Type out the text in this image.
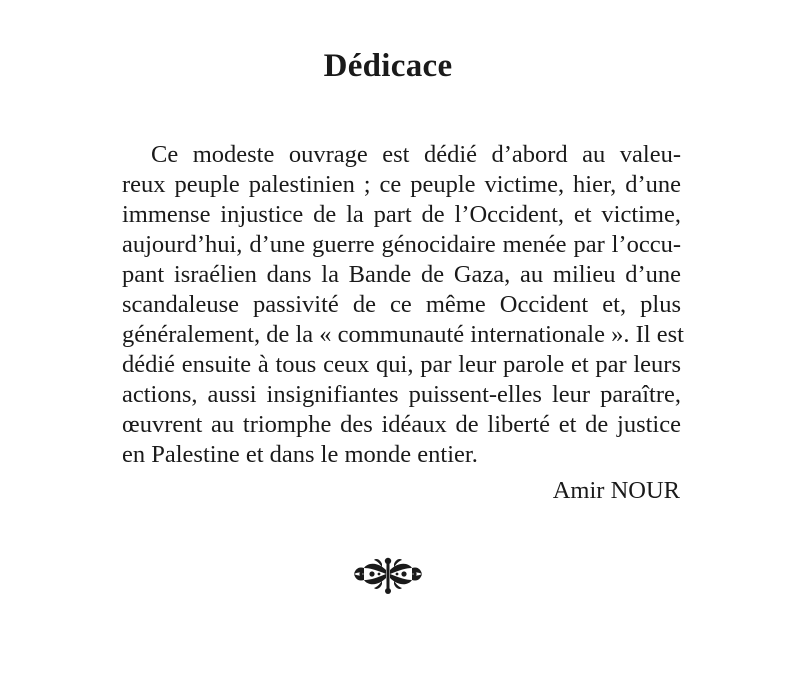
Dédicace
Ce modeste ouvrage est dédié d’abord au valeu-
reux peuple palestinien ; ce peuple victime, hier, d’une
immense injustice de la part de l’Occident, et victime,
aujourd’hui, d’une guerre génocidaire menée par l’occu-
pant israélien dans la Bande de Gaza, au milieu d’une
scandaleuse passivité de ce même Occident et, plus
généralement, de la « communauté internationale ». Il est
dédié ensuite à tous ceux qui, par leur parole et par leurs
actions, aussi insignifiantes puissent-elles leur paraître,
œuvrent au triomphe des idéaux de liberté et de justice
en Palestine et dans le monde entier.

Amir NOUR
